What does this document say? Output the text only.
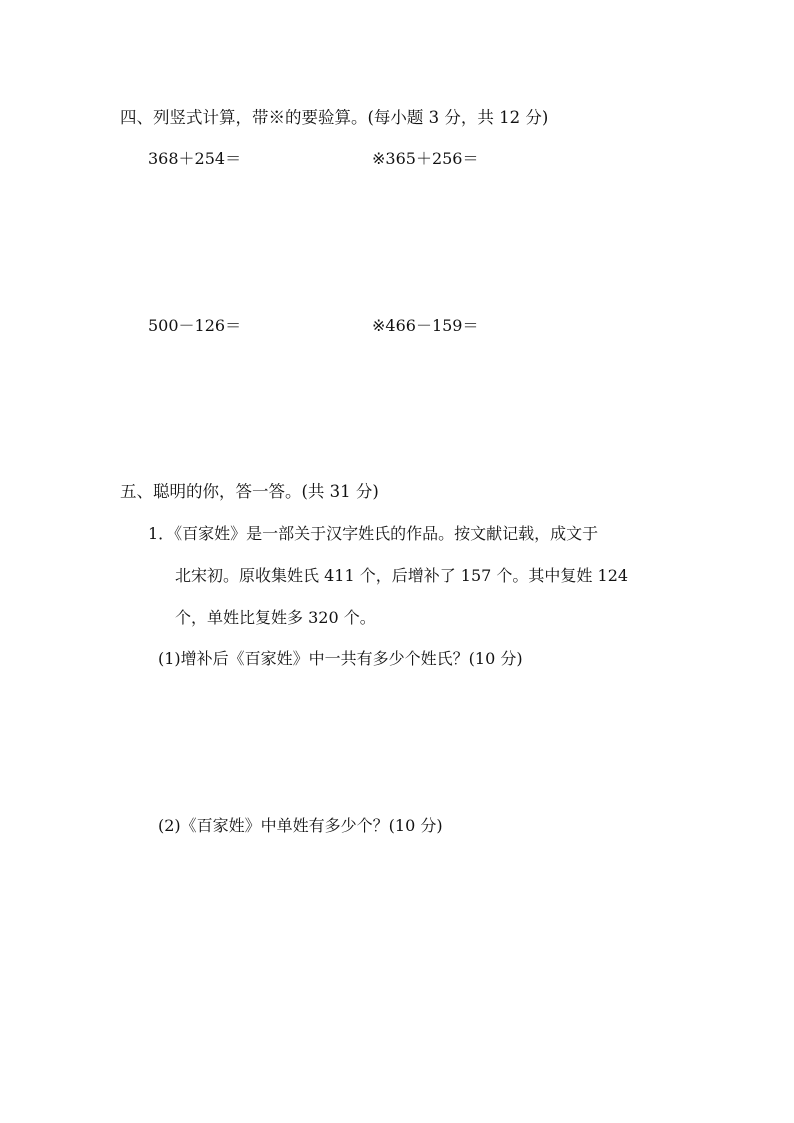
四、列竖式计算，带※的要验算。(每小题 3 分，共 12 分)
368＋254＝	※365＋256＝
500－126＝	※466－159＝
五、聪明的你，答一答。(共 31 分)
1．《百家姓》是一部关于汉字姓氏的作品。按文献记载，成文于
北宋初。原收集姓氏 411 个，后增补了 157 个。其中复姓 124
个，单姓比复姓多 320 个。
(1)增补后《百家姓》中一共有多少个姓氏？(10 分)
(2)《百家姓》中单姓有多少个？(10 分)
